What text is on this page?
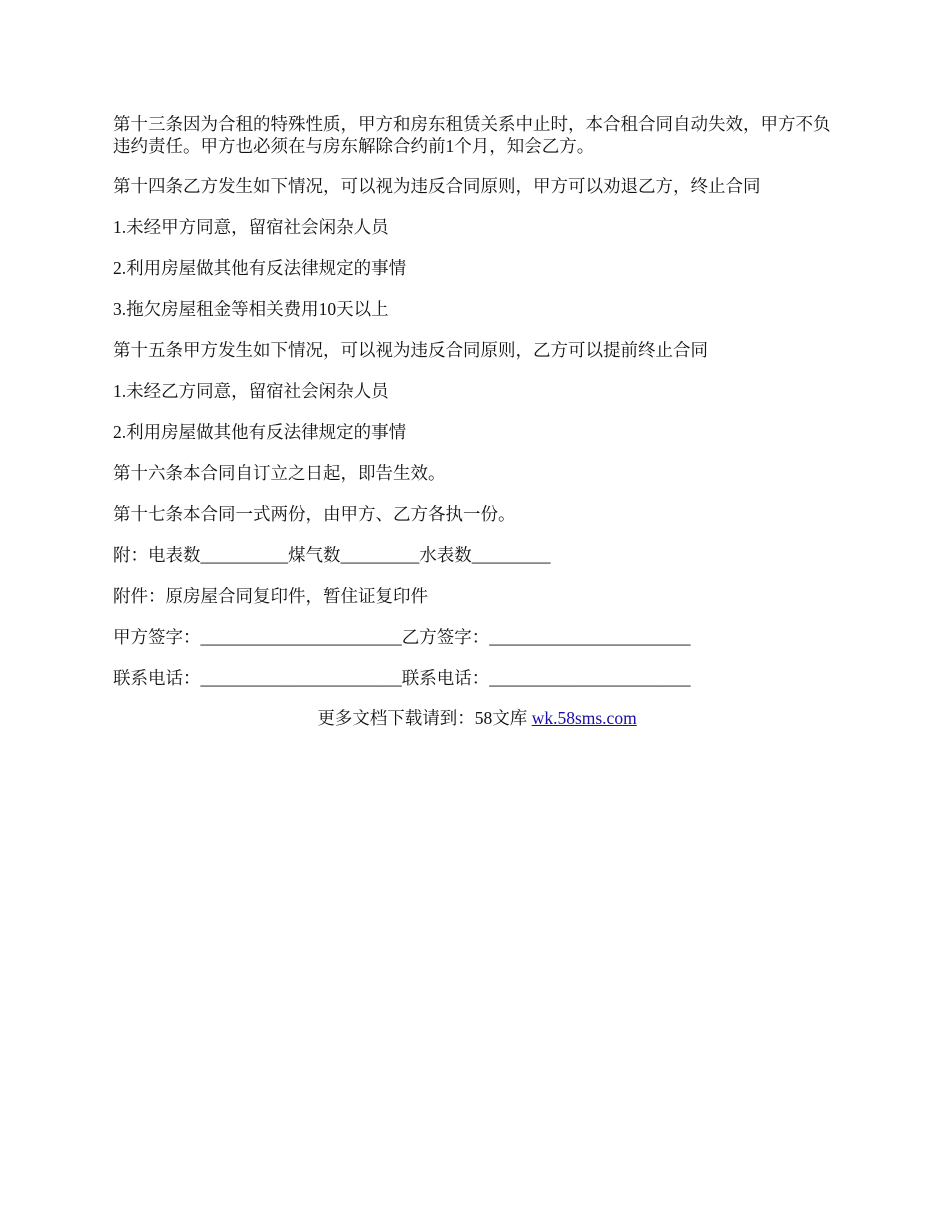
第十三条因为合租的特殊性质，甲方和房东租赁关系中止时，本合租合同自动失效，甲方不负违约责任。甲方也必须在与房东解除合约前1个月，知会乙方。

第十四条乙方发生如下情况，可以视为违反合同原则，甲方可以劝退乙方，终止合同

1.未经甲方同意，留宿社会闲杂人员

2.利用房屋做其他有反法律规定的事情

3.拖欠房屋租金等相关费用10天以上

第十五条甲方发生如下情况，可以视为违反合同原则，乙方可以提前终止合同

1.未经乙方同意，留宿社会闲杂人员

2.利用房屋做其他有反法律规定的事情

第十六条本合同自订立之日起，即告生效。

第十七条本合同一式两份，由甲方、乙方各执一份。

附：电表数__________煤气数_________水表数_________

附件：原房屋合同复印件，暂住证复印件

甲方签字：_______________________乙方签字：_______________________

联系电话：_______________________联系电话：_______________________

更多文档下载请到：58文库 wk.58sms.com
